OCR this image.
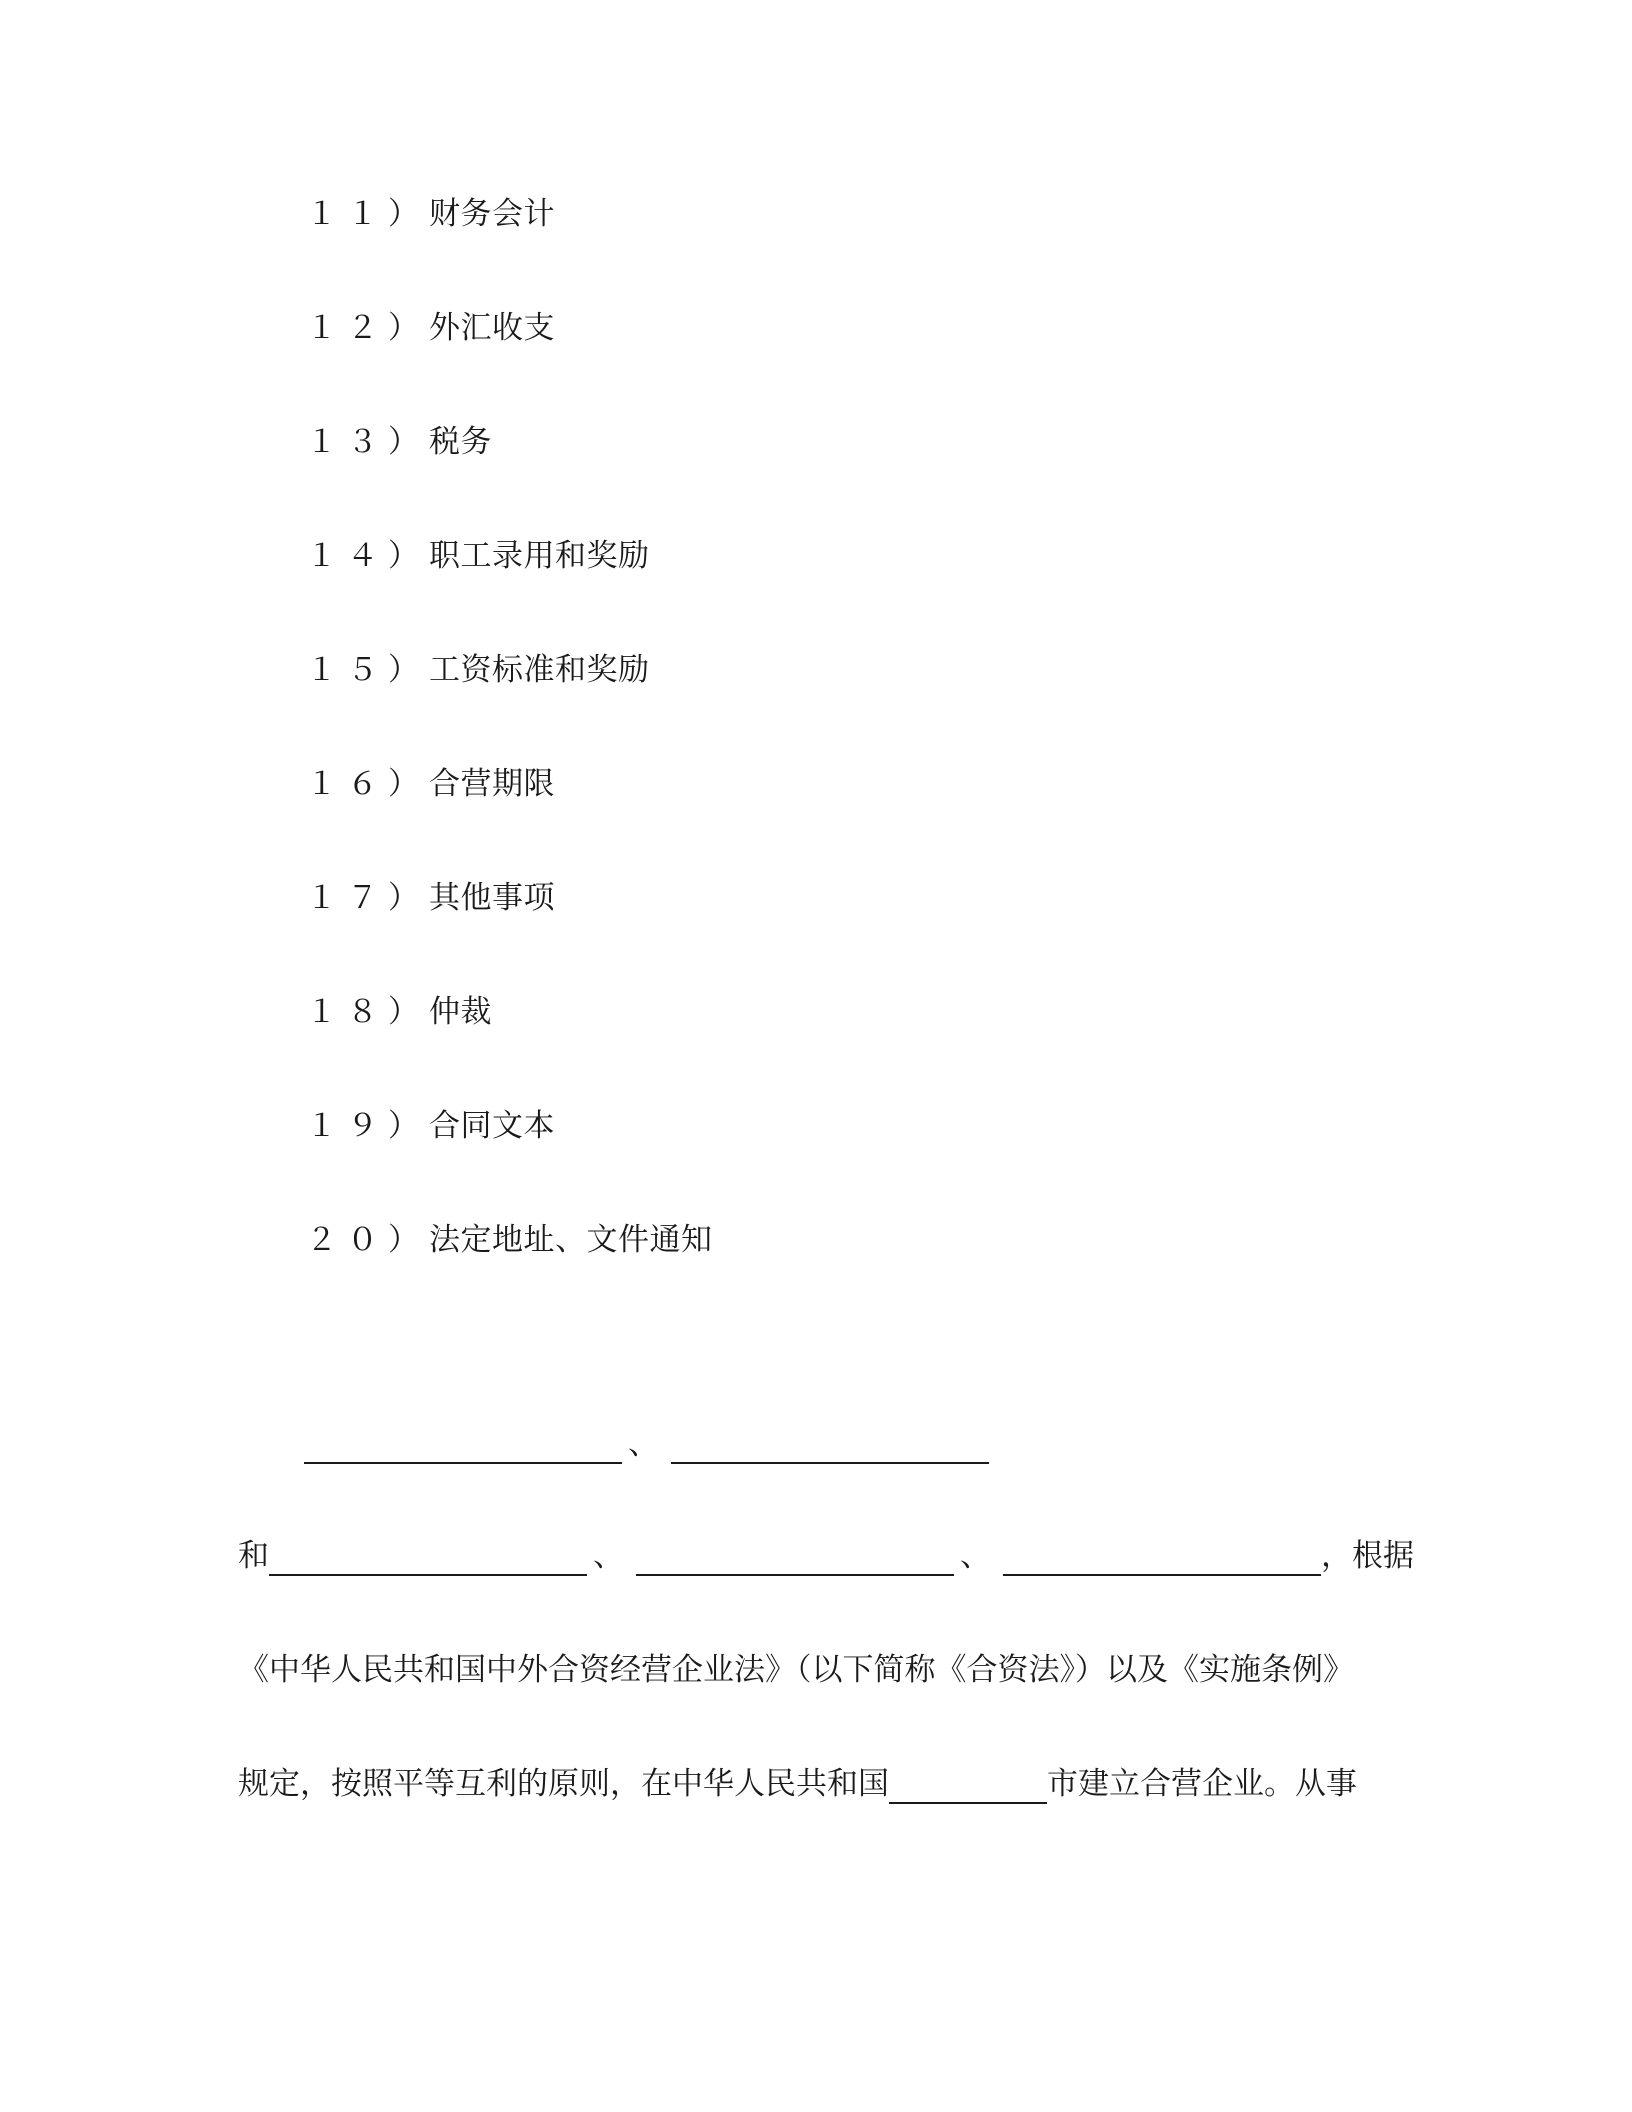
１１）财务会计
１２）外汇收支
１３）税务
１４）职工录用和奖励
１５）工资标准和奖励
１６）合营期限
１７）其他事项
１８）仲裁
１９）合同文本
２０）法定地址、文件通知
、
和	、	、	，根据
《中华人民共和国中外合资经营企业法》（以下简称《合资法》）以及《实施条例》
规定，按照平等互利的原则，在中华人民共和国	市建立合营企业。从事
